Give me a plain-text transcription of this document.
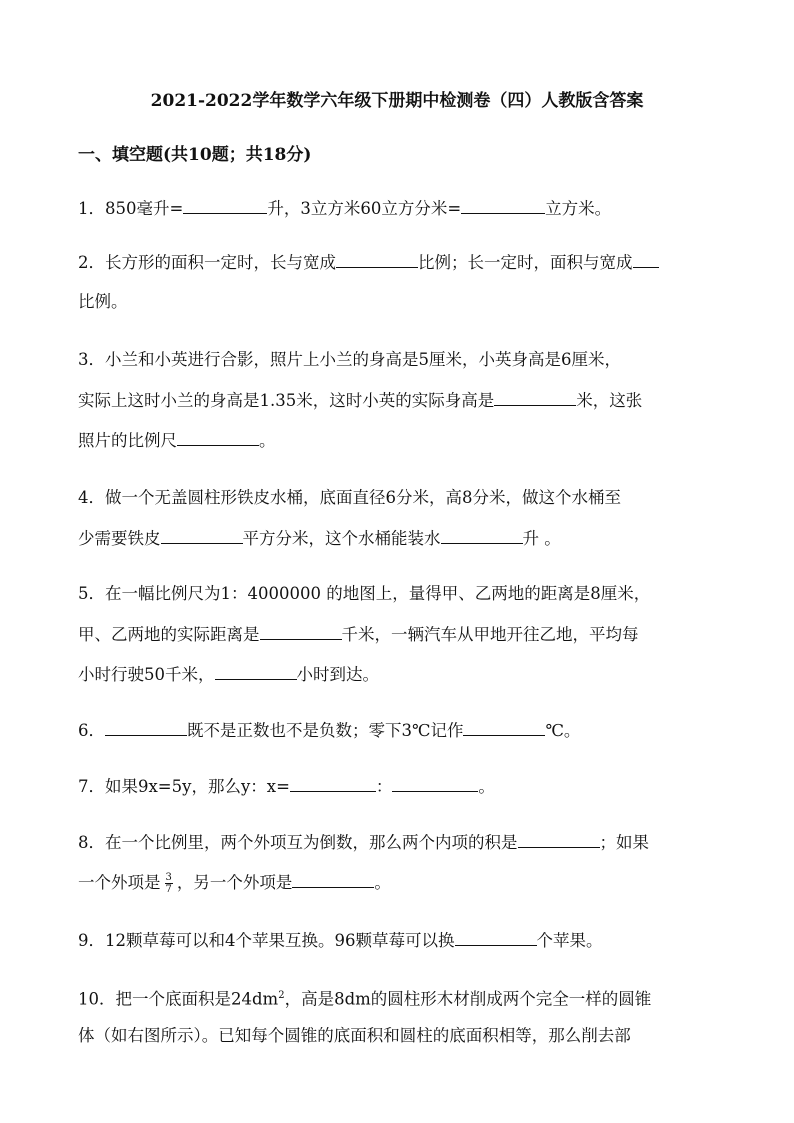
2021-2022学年数学六年级下册期中检测卷（四）人教版含答案
一、填空题(共10题；共18分)
1．850毫升=	升，3立方米60立方分米=	立方米。
2．长方形的面积一定时，长与宽成	比例；长一定时，面积与宽成
比例。
3．小兰和小英进行合影，照片上小兰的身高是5厘米，小英身高是6厘米，
实际上这时小兰的身高是1.35米，这时小英的实际身高是	米，这张
照片的比例尺	。
4．做一个无盖圆柱形铁皮水桶，底面直径6分米，高8分米，做这个水桶至
少需要铁皮	平方分米，这个水桶能装水	升 。
5．在一幅比例尺为1：4000000 的地图上，量得甲、乙两地的距离是8厘米，
甲、乙两地的实际距离是	千米，一辆汽车从甲地开往乙地，平均每
小时行驶50千米，	小时到达。
6．	既不是正数也不是负数；零下3℃记作	℃。
7．如果9x=5y，那么y：x=	：	。
8．在一个比例里，两个外项互为倒数，那么两个内项的积是	；如果
一个外项是 $\frac{3}{7}$ ，另一个外项是	。
9．12颗草莓可以和4个苹果互换。96颗草莓可以换	个苹果。
10．把一个底面积是$24dm^2$，高是8dm的圆柱形木材削成两个完全一样的圆锥
体（如右图所示）。已知每个圆锥的底面积和圆柱的底面积相等，那么削去部
